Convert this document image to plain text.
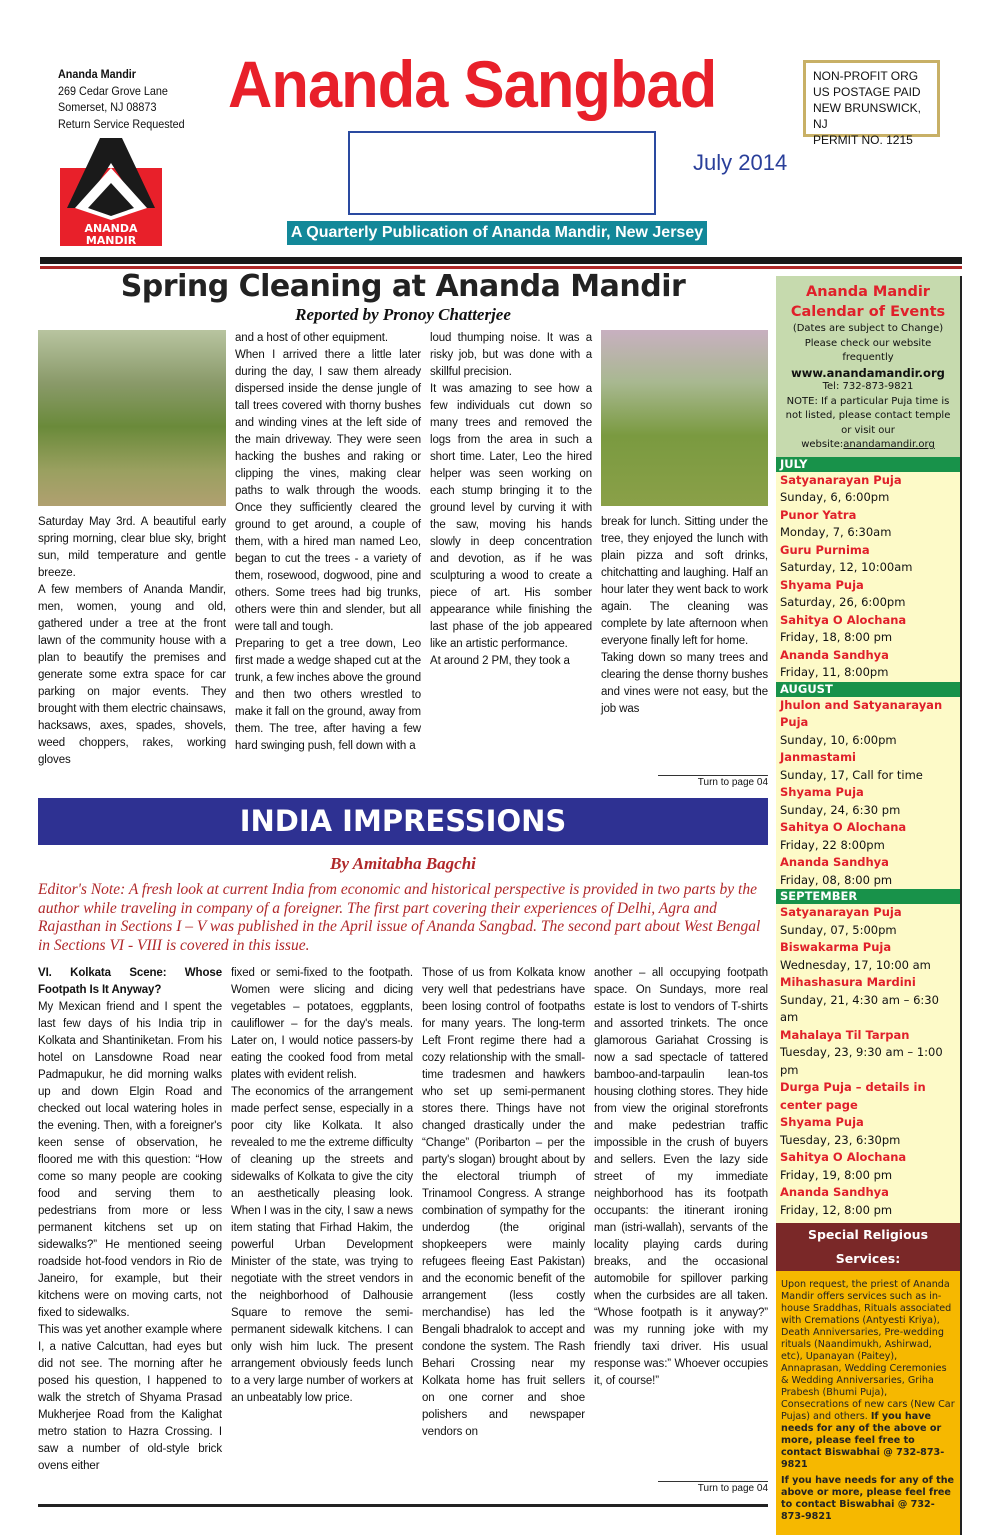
Ananda Mandir
269 Cedar Grove Lane
Somerset, NJ 08873
Return Service Requested
Ananda Sangbad	NON-PROFIT ORG
US POSTAGE PAID
NEW BRUNSWICK, NJ
PERMIT NO. 1215
ANANDA
MANDIR
July 2014
A Quarterly Publication of Ananda Mandir, New Jersey
Spring Cleaning at Ananda Mandir
Reported by Pronoy Chatterjee

Saturday May 3rd. A beautiful early spring morning, clear blue sky, bright sun, mild temperature and gentle breeze.

A few members of Ananda Mandir, men, women, young and old, gathered under a tree at the front lawn of the community house with a plan to beautify the premises and generate some extra space for car parking on major events. They brought with them electric chainsaws, hacksaws, axes, spades, shovels, weed choppers, rakes, working gloves

and a host of other equipment.

When I arrived there a little later during the day, I saw them already dispersed inside the dense jungle of tall trees covered with thorny bushes and winding vines at the left side of the main driveway. They were seen hacking the bushes and raking or clipping the vines, making clear paths to walk through the woods. Once they sufficiently cleared the ground to get around, a couple of them, with a hired man named Leo, began to cut the trees - a variety of them, rosewood, dogwood, pine and others. Some trees had big trunks, others were thin and slender, but all were tall and tough.

Preparing to get a tree down, Leo first made a wedge shaped cut at the trunk, a few inches above the ground and then two others wrestled to make it fall on the ground, away from them. The tree, after having a few hard swinging push, fell down with a

loud thumping noise. It was a risky job, but was done with a skillful precision.

It was amazing to see how a few individuals cut down so many trees and removed the logs from the area in such a short time. Later, Leo the hired helper was seen working on each stump bringing it to the ground level by curving it with the saw, moving his hands slowly in deep concentration and devotion, as if he was sculpturing a wood to create a piece of art. His somber appearance while finishing the last phase of the job appeared like an artistic performance.

At around 2 PM, they took a

break for lunch. Sitting under the tree, they enjoyed the lunch with plain pizza and soft drinks, chitchatting and laughing. Half an hour later they went back to work again. The cleaning was complete by late afternoon when everyone finally left for home.

Taking down so many trees and clearing the dense thorny bushes and vines were not easy, but the job was

Turn to page 04
INDIA IMPRESSIONS
By Amitabha Bagchi
Editor's Note: A fresh look at current India from economic and historical perspective is provided in two parts by the author while traveling in company of a foreigner. The first part covering their experiences of Delhi, Agra and Rajasthan in Sections I – V was published in the April issue of Ananda Sangbad. The second part about West Bengal in Sections VI - VIII is covered in this issue.

VI. Kolkata Scene: Whose Footpath Is It Anyway?

My Mexican friend and I spent the last few days of his India trip in Kolkata and Shantiniketan. From his hotel on Lansdowne Road near Padmapukur, he did morning walks up and down Elgin Road and checked out local watering holes in the evening. Then, with a foreigner's keen sense of observation, he floored me with this question: “How come so many people are cooking food and serving them to pedestrians from more or less permanent kitchens set up on sidewalks?” He mentioned seeing roadside hot-food vendors in Rio de Janeiro, for example, but their kitchens were on moving carts, not fixed to sidewalks.

This was yet another example where I, a native Calcuttan, had eyes but did not see. The morning after he posed his question, I happened to walk the stretch of Shyama Prasad Mukherjee Road from the Kalighat metro station to Hazra Crossing. I saw a number of old-style brick ovens either

fixed or semi-fixed to the footpath. Women were slicing and dicing vegetables – potatoes, eggplants, cauliflower – for the day's meals. Later on, I would notice passers-by eating the cooked food from metal plates with evident relish.

The economics of the arrangement made perfect sense, especially in a poor city like Kolkata. It also revealed to me the extreme difficulty of cleaning up the streets and sidewalks of Kolkata to give the city an aesthetically pleasing look. When I was in the city, I saw a news item stating that Firhad Hakim, the powerful Urban Development Minister of the state, was trying to negotiate with the street vendors in the neighborhood of Dalhousie Square to remove the semi-permanent sidewalk kitchens. I can only wish him luck. The present arrangement obviously feeds lunch to a very large number of workers at an unbeatably low price.

Those of us from Kolkata know very well that pedestrians have been losing control of footpaths for many years. The long-term Left Front regime there had a cozy relationship with the small-time tradesmen and hawkers who set up semi-permanent stores there. Things have not changed drastically under the “Change” (Poribarton – per the party's slogan) brought about by the electoral triumph of Trinamool Congress. A strange combination of sympathy for the underdog (the original shopkeepers were mainly refugees fleeing East Pakistan) and the economic benefit of the arrangement (less costly merchandise) has led the Bengali bhadralok to accept and condone the system. The Rash Behari Crossing near my Kolkata home has fruit sellers on one corner and shoe polishers and newspaper vendors on

another – all occupying footpath space. On Sundays, more real estate is lost to vendors of T-shirts and assorted trinkets. The once glamorous Gariahat Crossing is now a sad spectacle of tattered bamboo-and-tarpaulin lean-tos housing clothing stores. They hide from view the original storefronts and make pedestrian traffic impossible in the crush of buyers and sellers. Even the lazy side street of my immediate neighborhood has its footpath occupants: the itinerant ironing man (istri-wallah), servants of the locality playing cards during breaks, and the occasional automobile for spillover parking when the curbsides are all taken. “Whose footpath is it anyway?” was my running joke with my friendly taxi driver. His usual response was:” Whoever occupies it, of course!”

Turn to page 04
Ananda Mandir
Calendar of Events
(Dates are subject to Change)
Please check our website frequently
www.anandamandir.org
Tel: 732-873-9821
NOTE: If a particular Puja time is not listed, please contact temple or visit our website:anandamandir.org
JULY
Satyanarayan Puja
Sunday, 6, 6:00pm
Punor Yatra
Monday, 7, 6:30am
Guru Purnima
Saturday, 12, 10:00am
Shyama Puja
Saturday, 26, 6:00pm
Sahitya O Alochana
Friday, 18, 8:00 pm
Ananda Sandhya
Friday, 11, 8:00pm
AUGUST
Jhulon and Satyanarayan Puja
Sunday, 10, 6:00pm
Janmastami
Sunday, 17, Call for time
Shyama Puja
Sunday, 24, 6:30 pm
Sahitya O Alochana
Friday, 22 8:00pm
Ananda Sandhya
Friday, 08, 8:00 pm
SEPTEMBER
Satyanarayan Puja
Sunday, 07, 5:00pm
Biswakarma Puja
Wednesday, 17, 10:00 am
Mihashasura Mardini
Sunday, 21, 4:30 am – 6:30 am
Mahalaya Til Tarpan
Tuesday, 23, 9:30 am – 1:00 pm
Durga Puja – details in center page
Shyama Puja
Tuesday, 23, 6:30pm
Sahitya O Alochana
Friday, 19, 8:00 pm
Ananda Sandhya
Friday, 12, 8:00 pm
Special Religious Services:
Upon request, the priest of Ananda Mandir offers services such as in-house Sraddhas, Rituals associated with Cremations (Antyesti Kriya), Death Anniversaries, Pre-wedding rituals (Naandimukh, Ashirwad, etc), Upanayan (Paitey), Annaprasan, Wedding Ceremonies & Wedding Anniversaries, Griha Prabesh (Bhumi Puja), Consecrations of new cars (New Car Pujas) and others. If you have needs for any of the above or more, please feel free to contact Biswabhai @ 732-873-9821
If you have needs for any of the above or more, please feel free to contact Biswabhai @ 732-873-9821
